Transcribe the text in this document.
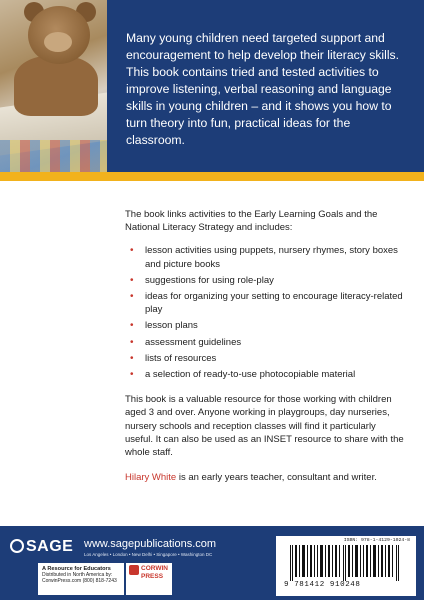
Many young children need targeted support and encouragement to help develop their literacy skills. This book contains tried and tested activities to improve listening, verbal reasoning and language skills in young children – and it shows you how to turn theory into fun, practical ideas for the classroom.

The book links activities to the Early Learning Goals and the National Literacy Strategy and includes:

• lesson activities using puppets, nursery rhymes, story boxes and picture books
• suggestions for using role-play
• ideas for organizing your setting to encourage literacy-related play
• lesson plans
• assessment guidelines
• lists of resources
• a selection of ready-to-use photocopiable material

This book is a valuable resource for those working with children aged 3 and over. Anyone working in playgroups, day nurseries, nursery schools and reception classes will find it particularly useful. It can also be used as an INSET resource to share with the whole staff.

Hilary White is an early years teacher, consultant and writer.

SAGE www.sagepublications.com
Los Angeles • London • New Delhi • Singapore • Washington DC
A Resource for Educators
Distributed in North America by:
CorwinPress.com (800) 818-7243
CORWIN
PRESS
ISBN: 978-1-4129-1024-8
9 781412 910248
